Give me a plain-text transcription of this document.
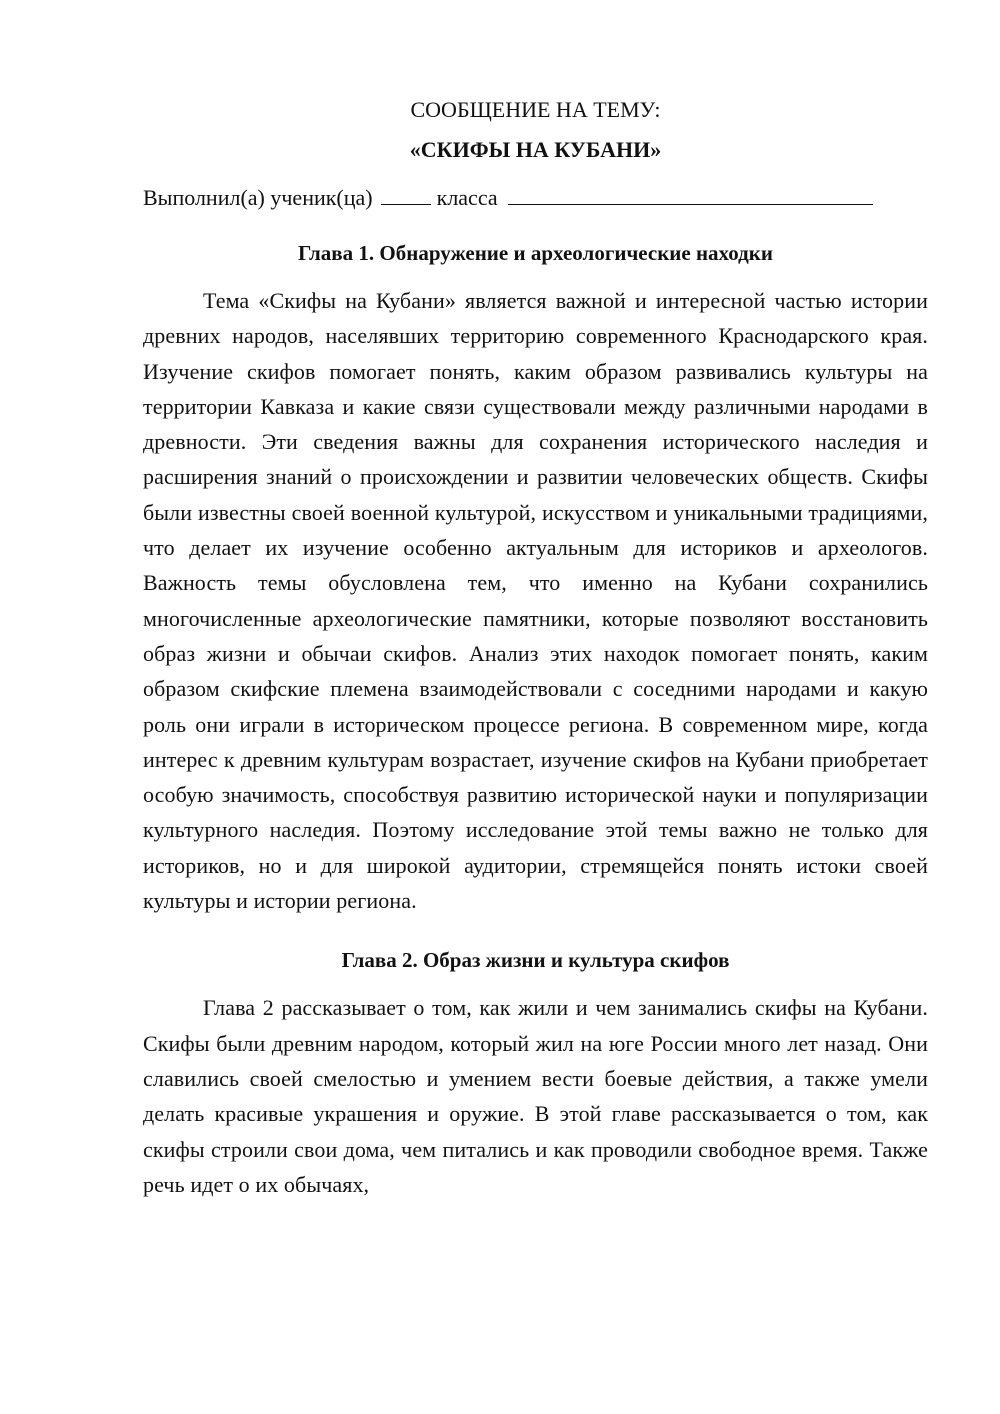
СООБЩЕНИЕ НА ТЕМУ:

«СКИФЫ НА КУБАНИ»

Выполнил(а) ученик(ца)	класса
Глава 1. Обнаружение и археологические находки

Тема «Скифы на Кубани» является важной и интересной частью истории древних народов, населявших территорию современного Краснодарского края. Изучение скифов помогает понять, каким образом развивались культуры на территории Кавказа и какие связи существовали между различными народами в древности. Эти сведения важны для сохранения исторического наследия и расширения знаний о происхождении и развитии человеческих обществ. Скифы были известны своей военной культурой, искусством и уникальными традициями, что делает их изучение особенно актуальным для историков и археологов. Важность темы обусловлена тем, что именно на Кубани сохранились многочисленные археологические памятники, которые позволяют восстановить образ жизни и обычаи скифов. Анализ этих находок помогает понять, каким образом скифские племена взаимодействовали с соседними народами и какую роль они играли в историческом процессе региона. В современном мире, когда интерес к древним культурам возрастает, изучение скифов на Кубани приобретает особую значимость, способствуя развитию исторической науки и популяризации культурного наследия. Поэтому исследование этой темы важно не только для историков, но и для широкой аудитории, стремящейся понять истоки своей культуры и истории региона.

Глава 2. Образ жизни и культура скифов

Глава 2 рассказывает о том, как жили и чем занимались скифы на Кубани. Скифы были древним народом, который жил на юге России много лет назад. Они славились своей смелостью и умением вести боевые действия, а также умели делать красивые украшения и оружие. В этой главе рассказывается о том, как скифы строили свои дома, чем питались и как проводили свободное время. Также речь идет о их обычаях,
